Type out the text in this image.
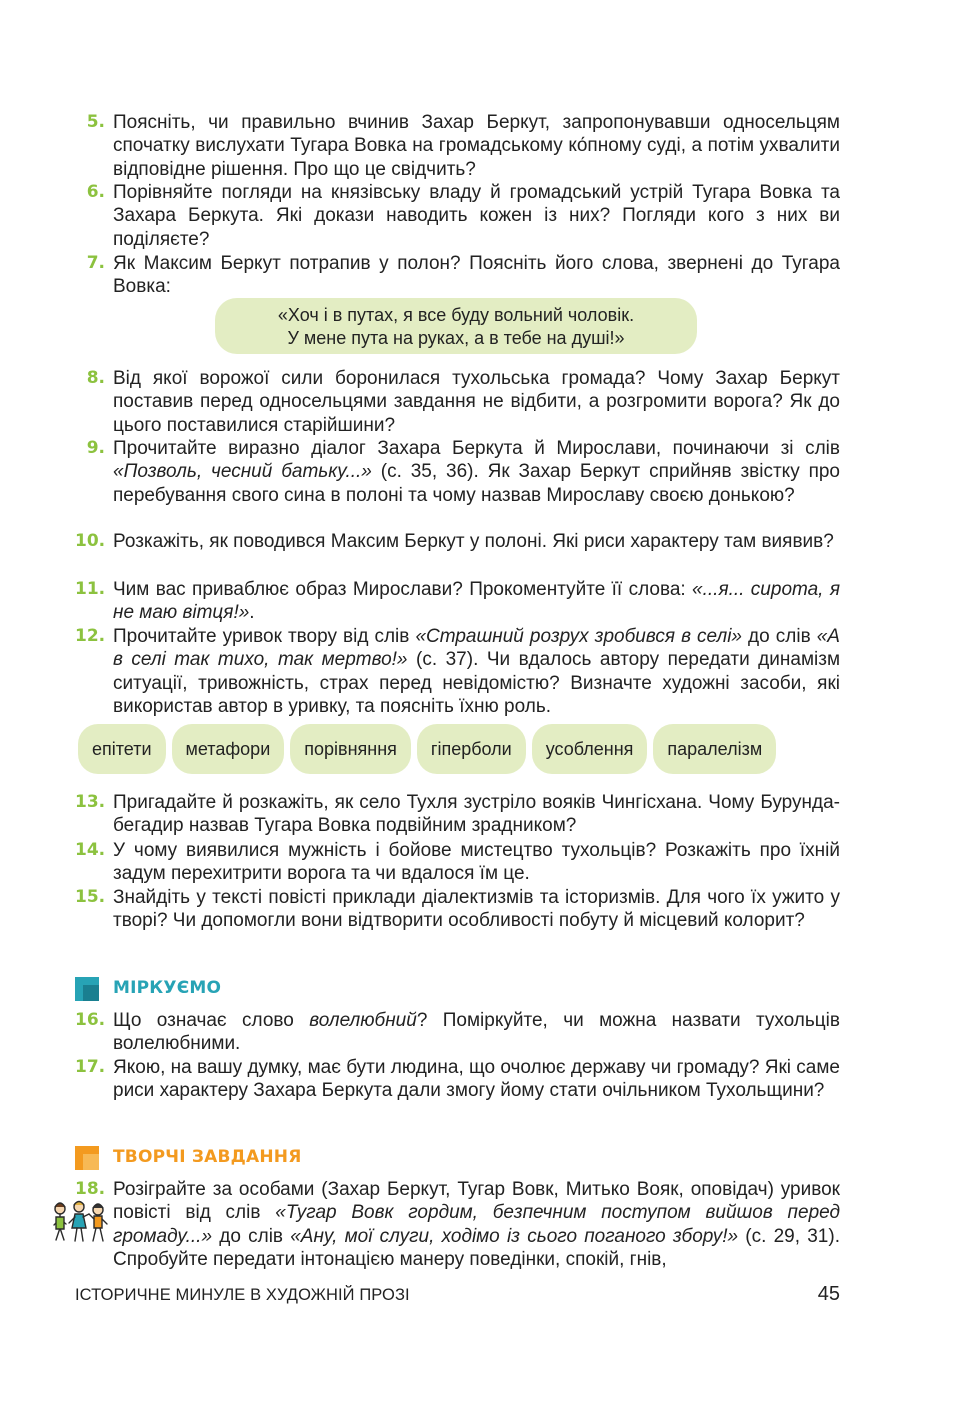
5. Поясніть, чи правильно вчинив Захар Беркут, запропонувавши односельцям спочатку вислухати Тугара Вовка на громадському ко́пному суді, а потім ухвалити відповідне рішення. Про що це свідчить?
6. Порівняйте погляди на князівську владу й громадський устрій Тугара Вовка та Захара Беркута. Які докази наводить кожен із них? Погляди кого з них ви поділяєте?
7. Як Максим Беркут потрапив у полон? Поясніть його слова, звернені до Тугара Вовка:
«Хоч і в путах, я все буду вольний чоловік.
У мене пута на руках, а в тебе на душі!»
8. Від якої ворожої сили боронилася тухольська громада? Чому Захар Беркут поставив перед односельцями завдання не відбити, а розгромити ворога? Як до цього поставилися старійшини?
9. Прочитайте виразно діалог Захара Беркута й Мирослави, починаючи зі слів «Позволь, чесний батьку...» (с. 35, 36). Як Захар Беркут сприйняв звістку про перебування свого сина в полоні та чому назвав Мирославу своєю донькою?
10. Розкажіть, як поводився Максим Беркут у полоні. Які риси характеру там виявив?
11. Чим вас приваблює образ Мирослави? Прокоментуйте її слова: «...я... сирота, я не маю вітця!».
12. Прочитайте уривок твору від слів «Страшний розрух зробився в селі» до слів «А в селі так тихо, так мертво!» (с. 37). Чи вдалось автору передати динамізм ситуації, тривожність, страх перед невідомістю? Визначте художні засоби, які використав автор в уривку, та поясніть їхню роль.
епітети	метафори	порівняння	гіперболи	усоблення	паралелізм
13. Пригадайте й розкажіть, як село Тухля зустріло вояків Чингісхана. Чому Бурунда-бегадир назвав Тугара Вовка подвійним зрадником?
14. У чому виявилися мужність і бойове мистецтво тухольців? Розкажіть про їхній задум перехитрити ворога та чи вдалося їм це.
15. Знайдіть у тексті повісті приклади діалектизмів та історизмів. Для чого їх ужито у творі? Чи допомогли вони відтворити особливості побуту й місцевий колорит?
МІРКУЄМО
16. Що означає слово волелюбний? Поміркуйте, чи можна назвати тухольців волелюбними.
17. Якою, на вашу думку, має бути людина, що очолює державу чи громаду? Які саме риси характеру Захара Беркута дали змогу йому стати очільником Тухольщини?
ТВОРЧІ ЗАВДАННЯ
18. Розіграйте за особами (Захар Беркут, Тугар Вовк, Митько Вояк, оповідач) уривок повісті від слів «Тугар Вовк гордим, безпечним поступом вийшов перед громаду...» до слів «Ану, мої слуги, ходімо із сього поганого збору!» (с. 29, 31). Спробуйте передати інтонацією манеру поведінки, спокій, гнів,
ІСТОРИЧНЕ МИНУЛЕ В ХУДОЖНІЙ ПРОЗІ	45
